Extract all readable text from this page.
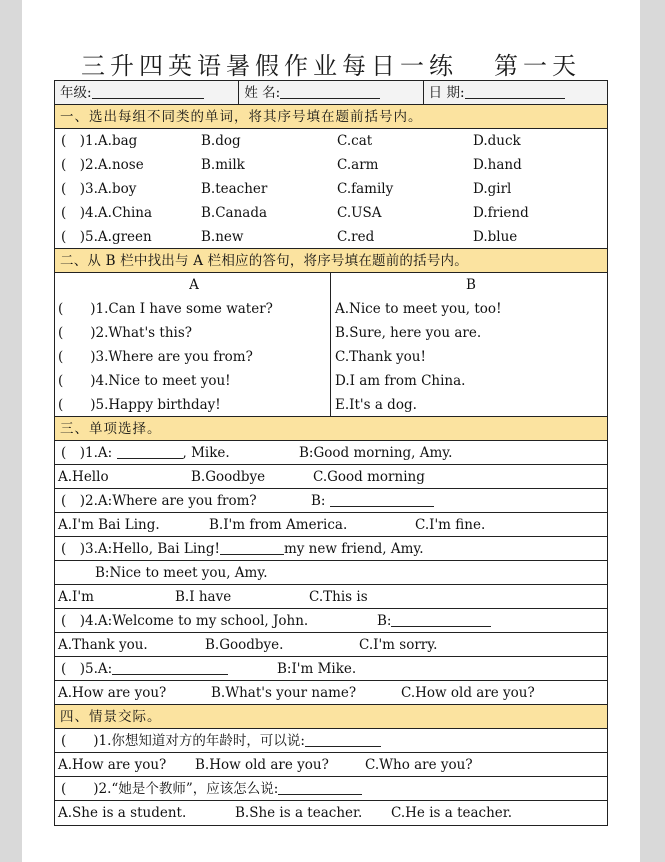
三升四英语暑假作业每日一练 第一天
年级:	姓 名:	日 期:
一、选出每组不同类的单词，将其序号填在题前括号内。
(　)1.A.bag	B.dog	C.cat	D.duck
(　)2.A.nose	B.milk	C.arm	D.hand
(　)3.A.boy	B.teacher	C.family	D.girl
(　)4.A.China	B.Canada	C.USA	D.friend
(　)5.A.green	B.new	C.red	D.blue
二、从 B 栏中找出与 A 栏相应的答句，将序号填在题前的括号内。
A	B
(　　)1.Can I have some water?	A.Nice to meet you, too!
(　　)2.What's this?	B.Sure, here you are.
(　　)3.Where are you from?	C.Thank you!
(　　)4.Nice to meet you!	D.I am from China.
(　　)5.Happy birthday!	E.It's a dog.
三、单项选择。
(　)1.A:	, Mike.	B:Good morning, Amy.
A.Hello	B.Goodbye	C.Good morning
(　)2.A:Where are you from?	B:
A.I'm Bai Ling.	B.I'm from America.	C.I'm fine.
(　)3.A:Hello, Bai Ling!	my new friend, Amy.
B:Nice to meet you, Amy.
A.I'm	B.I have	C.This is
(　)4.A:Welcome to my school, John.	B:
A.Thank you.	B.Goodbye.	C.I'm sorry.
(　)5.A:	B:I'm Mike.
A.How are you?	B.What's your name?	C.How old are you?
四、情景交际。
(　　)1.你想知道对方的年龄时，可以说:
A.How are you? B.How old are you?	C.Who are you?
(　　)2.“她是个教师”，应该怎么说:
A.She is a student.	B.She is a teacher. C.He is a teacher.
